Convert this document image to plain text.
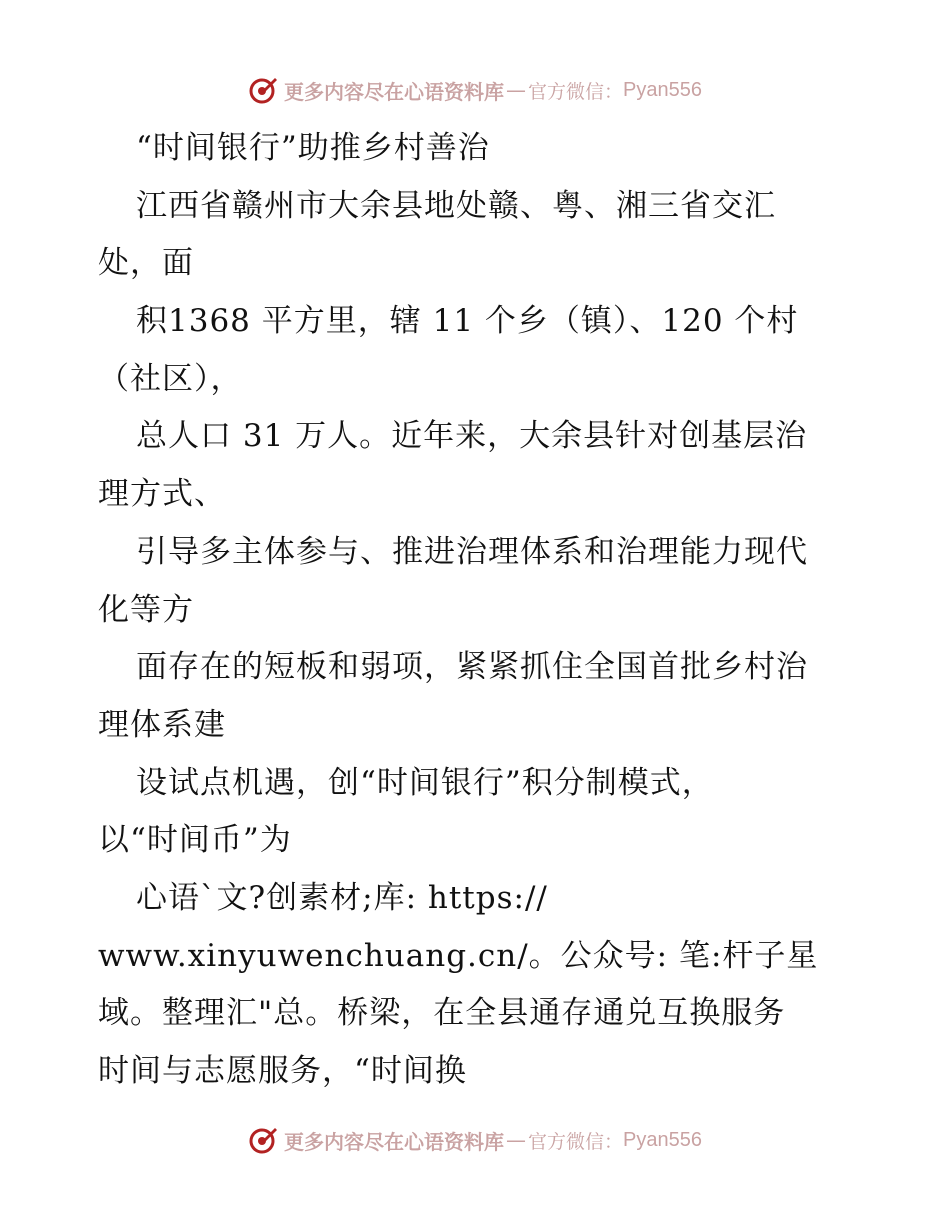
更多内容尽在心语资料库 — 官方微信： Pyan556
“时间银行”助推乡村善治
江西省赣州市大余县地处赣、粤、湘三省交汇
处，面
积1368 平方里，辖 11 个乡（镇）、120 个村
（社区），
总人口 31 万人。近年来，大余县针对创基层治
理方式、
引导多主体参与、推进治理体系和治理能力现代
化等方
面存在的短板和弱项，紧紧抓住全国首批乡村治
理体系建
设试点机遇，创“时间银行”积分制模式，
以“时间币”为
心语`文?创素材;库: https://
www.xinyuwenchuang.cn/。公众号: 笔:杆子星
域。整理汇"总。桥梁，在全县通存通兑互换服务
时间与志愿服务，“时间换
更多内容尽在心语资料库 — 官方微信： Pyan556
